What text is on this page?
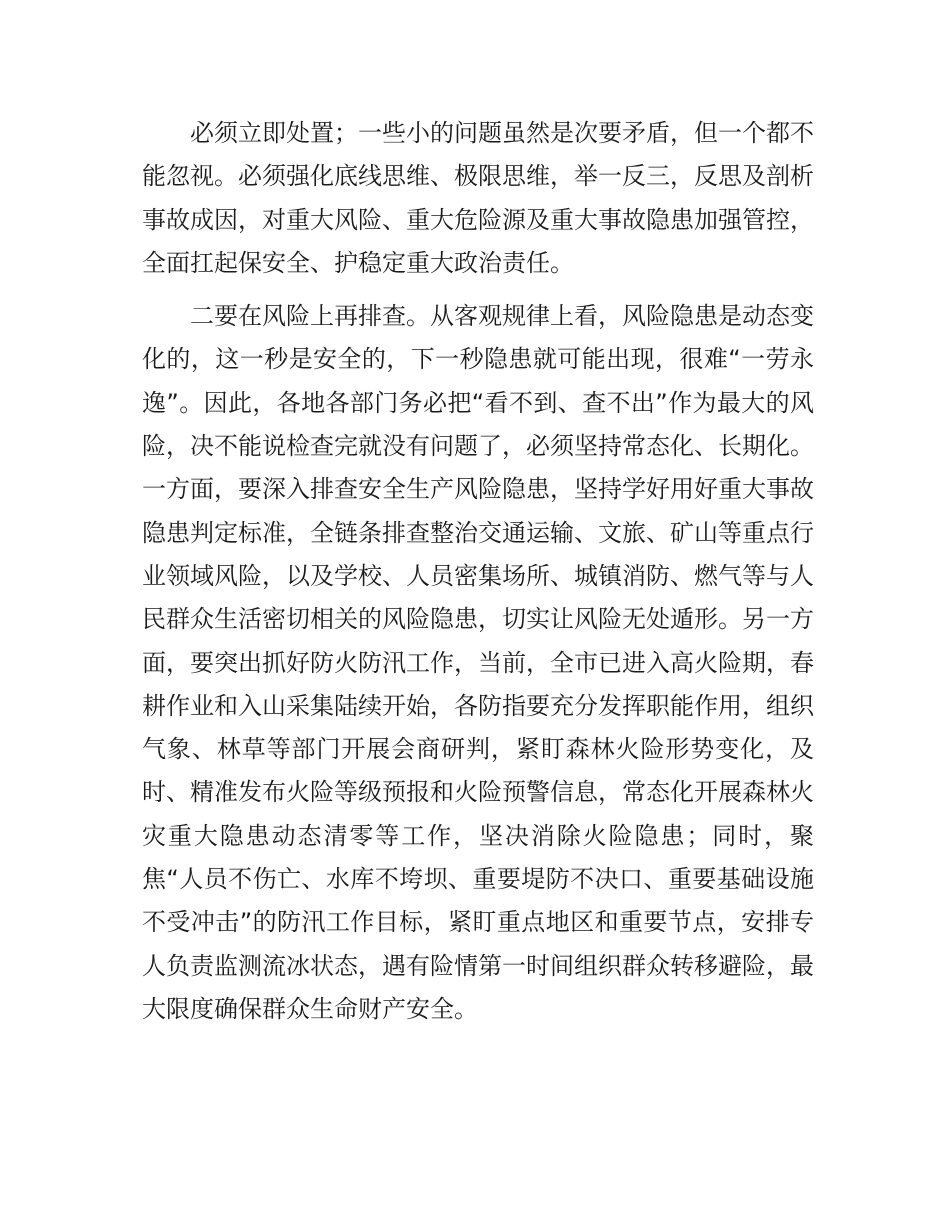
必须立即处置；一些小的问题虽然是次要矛盾，但一个都不能忽视。必须强化底线思维、极限思维，举一反三，反思及剖析事故成因，对重大风险、重大危险源及重大事故隐患加强管控，全面扛起保安全、护稳定重大政治责任。

二要在风险上再排查。从客观规律上看，风险隐患是动态变化的，这一秒是安全的，下一秒隐患就可能出现，很难“一劳永逸”。因此，各地各部门务必把“看不到、查不出”作为最大的风险，决不能说检查完就没有问题了，必须坚持常态化、长期化。一方面，要深入排查安全生产风险隐患，坚持学好用好重大事故隐患判定标准，全链条排查整治交通运输、文旅、矿山等重点行业领域风险，以及学校、人员密集场所、城镇消防、燃气等与人民群众生活密切相关的风险隐患，切实让风险无处遁形。另一方面，要突出抓好防火防汛工作，当前，全市已进入高火险期，春耕作业和入山采集陆续开始，各防指要充分发挥职能作用，组织气象、林草等部门开展会商研判，紧盯森林火险形势变化，及时、精准发布火险等级预报和火险预警信息，常态化开展森林火灾重大隐患动态清零等工作，坚决消除火险隐患；同时，聚焦“人员不伤亡、水库不垮坝、重要堤防不决口、重要基础设施不受冲击”的防汛工作目标，紧盯重点地区和重要节点，安排专人负责监测流冰状态，遇有险情第一时间组织群众转移避险，最大限度确保群众生命财产安全。
